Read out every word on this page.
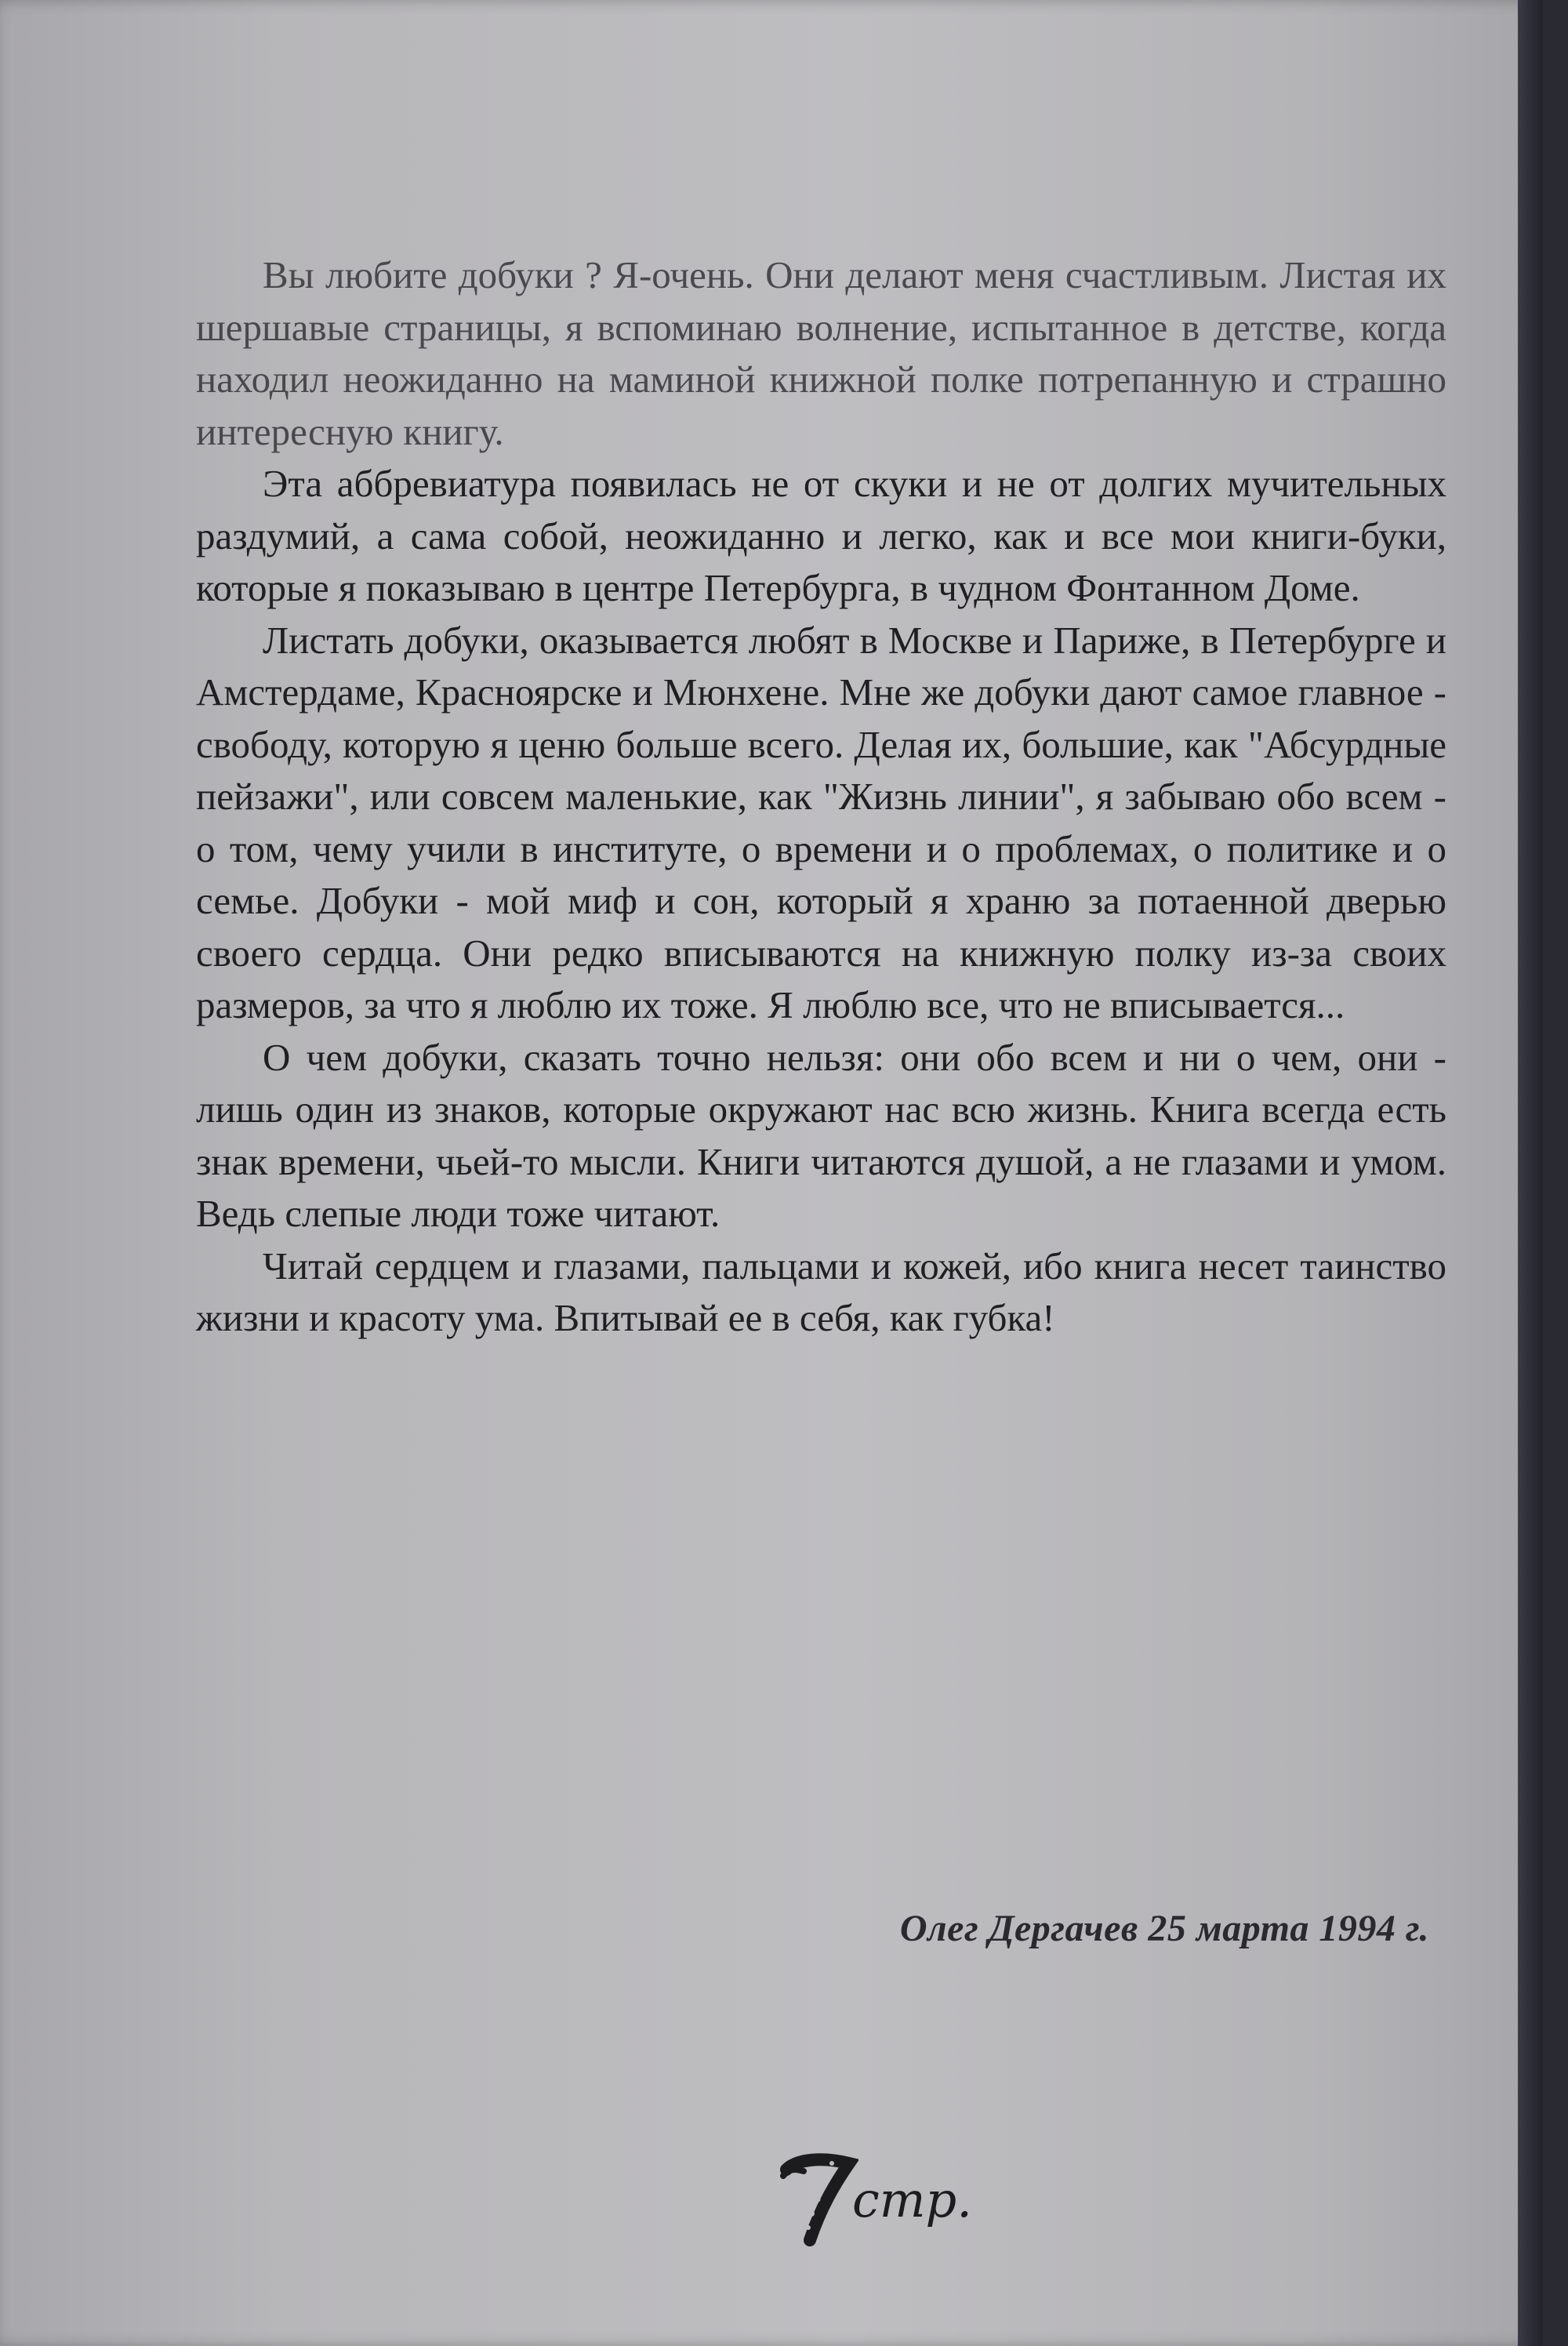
Вы любите добуки ? Я-очень. Они делают меня счастливым. Листая их шершавые страницы, я вспоминаю волнение, испытанное в детстве, когда находил неожиданно на маминой книжной полке потрепанную и страшно интересную книгу.

Эта аббревиатура появилась не от скуки и не от долгих мучительных раздумий, а сама собой, неожиданно и легко, как и все мои книги-буки, которые я показываю в центре Петербурга, в чудном Фонтанном Доме.

Листать добуки, оказывается любят в Москве и Париже, в Петербурге и Амстердаме, Красноярске и Мюнхене. Мне же добуки дают самое главное - свободу, которую я ценю больше всего. Делая их, большие, как "Абсурдные пейзажи", или совсем маленькие, как "Жизнь линии", я забываю обо всем - о том, чему учили в институте, о времени и о проблемах, о политике и о семье. Добуки - мой миф и сон, который я храню за потаенной дверью своего сердца. Они редко вписываются на книжную полку из-за своих размеров, за что я люблю их тоже. Я люблю все, что не вписывается...

О чем добуки, сказать точно нельзя: они обо всем и ни о чем, они - лишь один из знаков, которые окружают нас всю жизнь. Книга всегда есть знак времени, чьей-то мысли. Книги читаются душой, а не глазами и умом. Ведь слепые люди тоже читают.

Читай сердцем и глазами, пальцами и кожей, ибо книга несет таинство жизни и красоту ума. Впитывай ее в себя, как губка!

Олег Дергачев 25 марта 1994 г.
стр.
